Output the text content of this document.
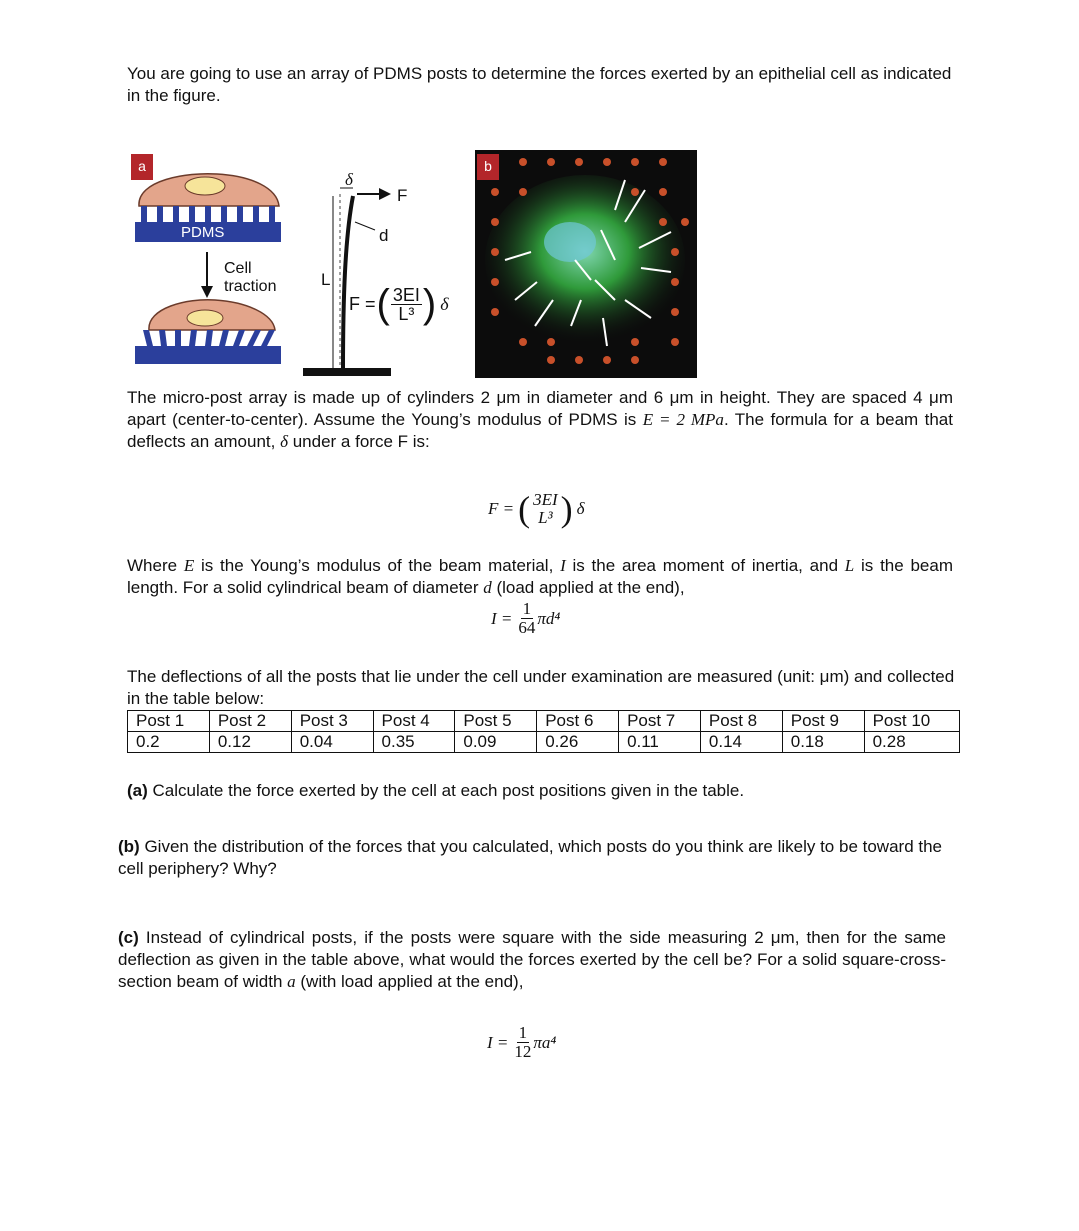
You are going to use an array of PDMS posts to determine the forces exerted by an epithelial cell as indicated in the figure.

a
PDMS
Cell
traction
δ
F
d
L
F = ( $\frac{3EI}{\text{L³}}$ ) δ
b

The micro-post array is made up of cylinders 2 μm in diameter and 6 μm in height. They are spaced 4 μm apart (center-to-center). Assume the Young’s modulus of PDMS is E = 2 MPa. The formula for a beam that deflects an amount, δ under a force F is:

F = ( 3EI
L³ ) δ

Where E is the Young’s modulus of the beam material, I is the area moment of inertia, and L is the beam length. For a solid cylindrical beam of diameter d (load applied at the end),

$I = \frac{1}{64} \pi d^4$

The deflections of all the posts that lie under the cell under examination are measured (unit: μm) and collected in the table below:

Post 1	Post 2	Post 3	Post 4	Post 5	Post 6	Post 7	Post 8	Post 9	Post 10
0.2	0.12	0.04	0.35	0.09	0.26	0.11	0.14	0.18	0.28

(a) Calculate the force exerted by the cell at each post positions given in the table.

(b) Given the distribution of the forces that you calculated, which posts do you think are likely to be toward the cell periphery? Why?

(c) Instead of cylindrical posts, if the posts were square with the side measuring 2 μm, then for the same deflection as given in the table above, what would the forces exerted by the cell be? For a solid square-cross-section beam of width a (with load applied at the end),

$I = \frac{1}{12} \pi a^4$
